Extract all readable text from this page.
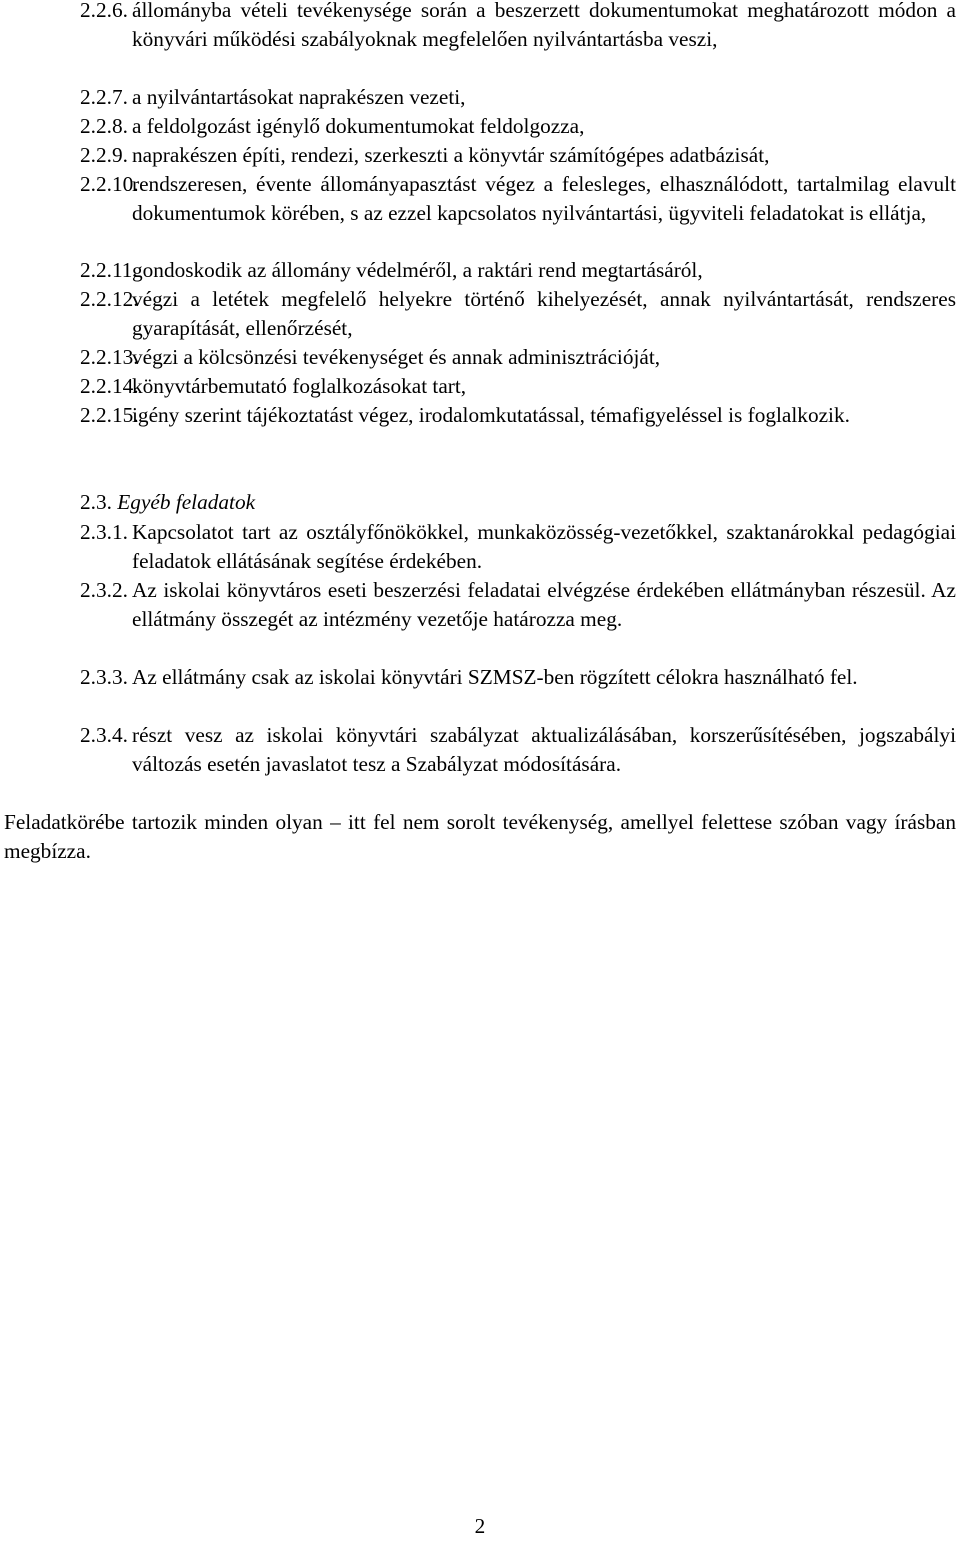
2.2.6. állományba vételi tevékenysége során a beszerzett dokumentumokat meghatározott módon a könyvári működési szabályoknak megfelelően nyilvántartásba veszi,
2.2.7. a nyilvántartásokat naprakészen vezeti,
2.2.8. a feldolgozást igénylő dokumentumokat feldolgozza,
2.2.9. naprakészen építi, rendezi, szerkeszti a könyvtár számítógépes adatbázisát,
2.2.10.
rendszeresen, évente állományapasztást végez a felesleges, elhasználódott, tartalmilag elavult dokumentumok körében, s az ezzel kapcsolatos nyilvántartási, ügyviteli feladatokat is ellátja,
2.2.11.
gondoskodik az állomány védelméről, a raktári rend megtartásáról,
2.2.12.
végzi a letétek megfelelő helyekre történő kihelyezését, annak nyilvántartását, rendszeres gyarapítását, ellenőrzését,
2.2.13.
végzi a kölcsönzési tevékenységet és annak adminisztrációját,
2.2.14.
könyvtárbemutató foglalkozásokat tart,
2.2.15.
igény szerint tájékoztatást végez, irodalomkutatással, témafigyeléssel is foglalkozik.
2.3. Egyéb feladatok
2.3.1. Kapcsolatot tart az osztályfőnökökkel, munkaközösség-vezetőkkel, szaktanárokkal pedagógiai feladatok ellátásának segítése érdekében.
2.3.2. Az iskolai könyvtáros eseti beszerzési feladatai elvégzése érdekében ellátmányban részesül. Az ellátmány összegét az intézmény vezetője határozza meg.
2.3.3. Az ellátmány csak az iskolai könyvtári SZMSZ-ben rögzített célokra használható fel.
2.3.4. részt vesz az iskolai könyvtári szabályzat aktualizálásában, korszerűsítésében, jogszabályi változás esetén javaslatot tesz a Szabályzat módosítására.
Feladatkörébe tartozik minden olyan – itt fel nem sorolt tevékenység, amellyel felettese szóban vagy írásban megbízza.
2
